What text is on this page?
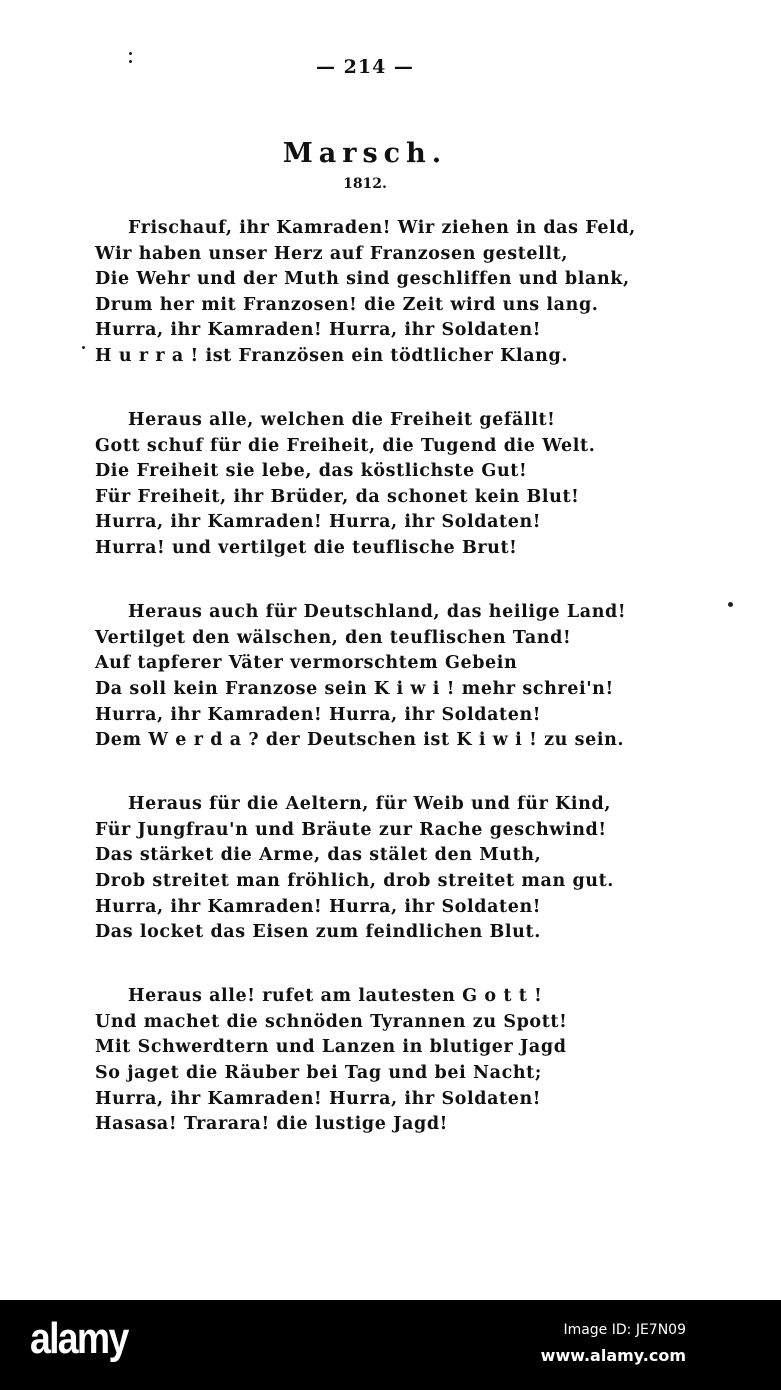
— 214 —
Marsch.
1812.
Frischauf, ihr Kamraden! Wir ziehen in das Feld,
Wir haben unser Herz auf Franzosen gestellt,
Die Wehr und der Muth sind geschliffen und blank,
Drum her mit Franzosen! die Zeit wird uns lang.
Hurra, ihr Kamraden! Hurra, ihr Soldaten!
H u r r a ! ist Französen ein tödtlicher Klang.
Heraus alle, welchen die Freiheit gefällt!
Gott schuf für die Freiheit, die Tugend die Welt.
Die Freiheit sie lebe, das köstlichste Gut!
Für Freiheit, ihr Brüder, da schonet kein Blut!
Hurra, ihr Kamraden! Hurra, ihr Soldaten!
Hurra! und vertilget die teuflische Brut!
Heraus auch für Deutschland, das heilige Land!
Vertilget den wälschen, den teuflischen Tand!
Auf tapferer Väter vermorschtem Gebein
Da soll kein Franzose sein K i w i ! mehr schrei'n!
Hurra, ihr Kamraden! Hurra, ihr Soldaten!
Dem W e r d a ? der Deutschen ist K i w i ! zu sein.
Heraus für die Aeltern, für Weib und für Kind,
Für Jungfrau'n und Bräute zur Rache geschwind!
Das stärket die Arme, das stälet den Muth,
Drob streitet man fröhlich, drob streitet man gut.
Hurra, ihr Kamraden! Hurra, ihr Soldaten!
Das locket das Eisen zum feindlichen Blut.
Heraus alle! rufet am lautesten G o t t !
Und machet die schnöden Tyrannen zu Spott!
Mit Schwerdtern und Lanzen in blutiger Jagd
So jaget die Räuber bei Tag und bei Nacht;
Hurra, ihr Kamraden! Hurra, ihr Soldaten!
Hasasa! Trarara! die lustige Jagd!
alamy	Image ID: JE7N09
www.alamy.com
